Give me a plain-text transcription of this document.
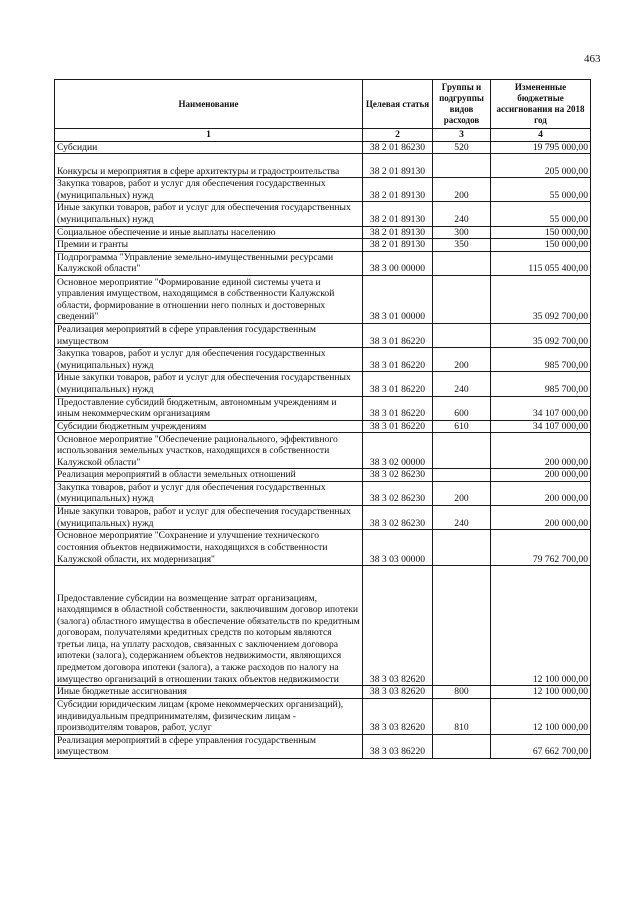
463
Наименование	Целевая статья	Группы и подгруппы видов расходов	Измененные бюджетные ассигнования на 2018 год
1	2	3	4
Субсидии	38 2 01 86230	520	19 795 000,00
Конкурсы и мероприятия в сфере архитектуры и градостроительства	38 2 01 89130		205 000,00
Закупка товаров, работ и услуг для обеспечения государственных (муниципальных) нужд	38 2 01 89130	200	55 000,00
Иные закупки товаров, работ и услуг для обеспечения государственных (муниципальных) нужд	38 2 01 89130	240	55 000,00
Социальное обеспечение и иные выплаты населению	38 2 01 89130	300	150 000,00
Премии и гранты	38 2 01 89130	350	150 000,00
Подпрограмма "Управление земельно-имущественными ресурсами Калужской области"	38 3 00 00000		115 055 400,00
Основное мероприятие "Формирование единой системы учета и управления имуществом, находящимся в собственности Калужской области, формирование в отношении него полных и достоверных сведений"	38 3 01 00000		35 092 700,00
Реализация мероприятий в сфере управления государственным имуществом	38 3 01 86220		35 092 700,00
Закупка товаров, работ и услуг для обеспечения государственных (муниципальных) нужд	38 3 01 86220	200	985 700,00
Иные закупки товаров, работ и услуг для обеспечения государственных (муниципальных) нужд	38 3 01 86220	240	985 700,00
Предоставление субсидий бюджетным, автономным учреждениям и иным некоммерческим организациям	38 3 01 86220	600	34 107 000,00
Субсидии бюджетным учреждениям	38 3 01 86220	610	34 107 000,00
Основное мероприятие "Обеспечение рационального, эффективного использования земельных участков, находящихся в собственности Калужской области"	38 3 02 00000		200 000,00
Реализация мероприятий в области земельных отношений	38 3 02 86230		200 000,00
Закупка товаров, работ и услуг для обеспечения государственных (муниципальных) нужд	38 3 02 86230	200	200 000,00
Иные закупки товаров, работ и услуг для обеспечения государственных (муниципальных) нужд	38 3 02 86230	240	200 000,00
Основное мероприятие "Сохранение и улучшение технического состояния объектов недвижимости, находящихся в собственности Калужской области, их модернизация"	38 3 03 00000		79 762 700,00
Предоставление субсидии на возмещение затрат организациям, находящимся в областной собственности, заключившим договор ипотеки (залога) областного имущества в обеспечение обязательств по кредитным договорам, получателями кредитных средств по которым являются третьи лица, на уплату расходов, связанных с заключением договора ипотеки (залога), содержанием объектов недвижимости, являющихся предметом договора ипотеки (залога), а также расходов по налогу на имущество организаций в отношении таких объектов недвижимости	38 3 03 82620		12 100 000,00
Иные бюджетные ассигнования	38 3 03 82620	800	12 100 000,00
Субсидии юридическим лицам (кроме некоммерческих организаций), индивидуальным предпринимателям, физическим лицам - производителям товаров, работ, услуг	38 3 03 82620	810	12 100 000,00
Реализация мероприятий в сфере управления государственным имуществом	38 3 03 86220		67 662 700,00
